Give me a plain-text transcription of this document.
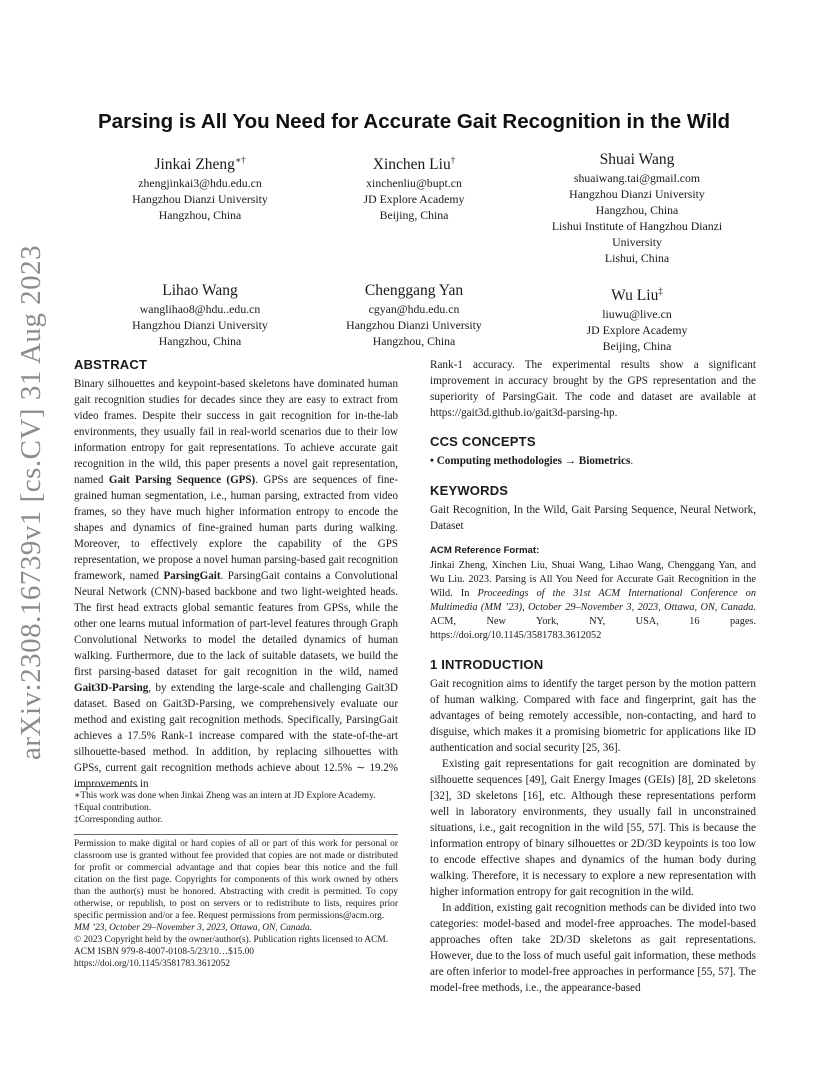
arXiv:2308.16739v1 [cs.CV] 31 Aug 2023
Parsing is All You Need for Accurate Gait Recognition in the Wild
Jinkai Zheng∗†
zhengjinkai3@hdu.edu.cn
Hangzhou Dianzi University
Hangzhou, China
Xinchen Liu†
xinchenliu@bupt.cn
JD Explore Academy
Beijing, China
Shuai Wang
shuaiwang.tai@gmail.com
Hangzhou Dianzi University
Hangzhou, China
Lishui Institute of Hangzhou Dianzi
University
Lishui, China
Lihao Wang
wanglihao8@hdu..edu.cn
Hangzhou Dianzi University
Hangzhou, China
Chenggang Yan
cgyan@hdu.edu.cn
Hangzhou Dianzi University
Hangzhou, China
Wu Liu‡
liuwu@live.cn
JD Explore Academy
Beijing, China
ABSTRACT

Binary silhouettes and keypoint-based skeletons have dominated human gait recognition studies for decades since they are easy to extract from video frames. Despite their success in gait recognition for in-the-lab environments, they usually fail in real-world scenarios due to their low information entropy for gait representations. To achieve accurate gait recognition in the wild, this paper presents a novel gait representation, named Gait Parsing Sequence (GPS). GPSs are sequences of fine-grained human segmentation, i.e., human parsing, extracted from video frames, so they have much higher information entropy to encode the shapes and dynamics of fine-grained human parts during walking. Moreover, to effectively explore the capability of the GPS representation, we propose a novel human parsing-based gait recognition framework, named ParsingGait. ParsingGait contains a Convolutional Neural Network (CNN)-based backbone and two light-weighted heads. The first head extracts global semantic features from GPSs, while the other one learns mutual information of part-level features through Graph Convolutional Networks to model the detailed dynamics of human walking. Furthermore, due to the lack of suitable datasets, we build the first parsing-based dataset for gait recognition in the wild, named Gait3D-Parsing, by extending the large-scale and challenging Gait3D dataset. Based on Gait3D-Parsing, we comprehensively evaluate our method and existing gait recognition methods. Specifically, ParsingGait achieves a 17.5% Rank-1 increase compared with the state-of-the-art silhouette-based method. In addition, by replacing silhouettes with GPSs, current gait recognition methods achieve about 12.5% ∼ 19.2% improvements in

∗This work was done when Jinkai Zheng was an intern at JD Explore Academy.
†Equal contribution.
‡Corresponding author.
Permission to make digital or hard copies of all or part of this work for personal or classroom use is granted without fee provided that copies are not made or distributed for profit or commercial advantage and that copies bear this notice and the full citation on the first page. Copyrights for components of this work owned by others than the author(s) must be honored. Abstracting with credit is permitted. To copy otherwise, or republish, to post on servers or to redistribute to lists, requires prior specific permission and/or a fee. Request permissions from permissions@acm.org.
MM ’23, October 29–November 3, 2023, Ottawa, ON, Canada.
© 2023 Copyright held by the owner/author(s). Publication rights licensed to ACM.
ACM ISBN 979-8-4007-0108-5/23/10…$15.00
https://doi.org/10.1145/3581783.3612052

Rank-1 accuracy. The experimental results show a significant improvement in accuracy brought by the GPS representation and the superiority of ParsingGait. The code and dataset are available at https://gait3d.github.io/gait3d-parsing-hp.

CCS CONCEPTS

• Computing methodologies → Biometrics.

KEYWORDS

Gait Recognition, In the Wild, Gait Parsing Sequence, Neural Network, Dataset

ACM Reference Format:

Jinkai Zheng, Xinchen Liu, Shuai Wang, Lihao Wang, Chenggang Yan, and Wu Liu. 2023. Parsing is All You Need for Accurate Gait Recognition in the Wild. In Proceedings of the 31st ACM International Conference on Multimedia (MM ’23), October 29–November 3, 2023, Ottawa, ON, Canada. ACM, New York, NY, USA, 16 pages. https://doi.org/10.1145/3581783.3612052

1 INTRODUCTION

Gait recognition aims to identify the target person by the motion pattern of human walking. Compared with face and fingerprint, gait has the advantages of being remotely accessible, non-contacting, and hard to disguise, which makes it a promising biometric for applications like ID authentication and social security [25, 36].

Existing gait representations for gait recognition are dominated by silhouette sequences [49], Gait Energy Images (GEIs) [8], 2D skeletons [32], 3D skeletons [16], etc. Although these representations perform well in laboratory environments, they usually fail in unconstrained situations, i.e., gait recognition in the wild [55, 57]. This is because the information entropy of binary silhouettes or 2D/3D keypoints is too low to encode effective shapes and dynamics of the human body during walking. Therefore, it is necessary to explore a new representation with higher information entropy for gait recognition in the wild.

In addition, existing gait recognition methods can be divided into two categories: model-based and model-free approaches. The model-based approaches often take 2D/3D skeletons as gait representations. However, due to the loss of much useful gait information, these methods are often inferior to model-free approaches in performance [55, 57]. The model-free methods, i.e., the appearance-based
